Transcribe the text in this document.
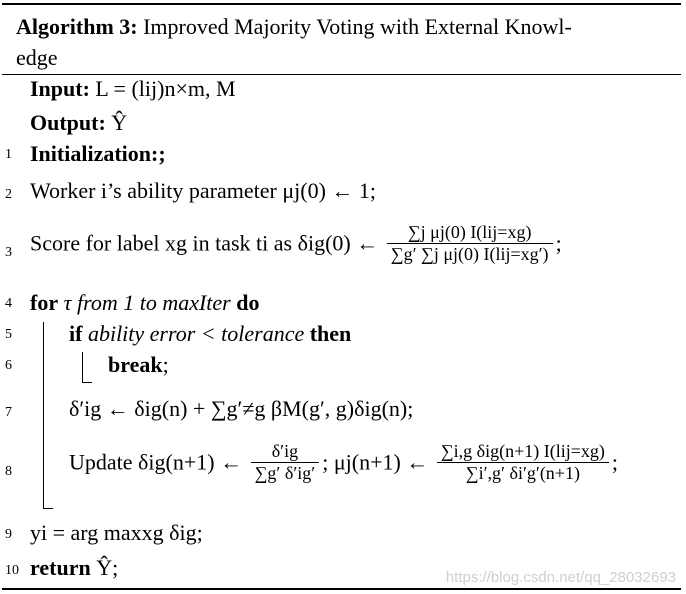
Algorithm 3: Improved Majority Voting with External Knowl-
edge
Input: L = (lij)n×m, M
Output: Ŷ
1 Initialization:;
2 Worker i’s ability parameter μj(0) ← 1;
3 Score for label xg in task ti as δig(0) ← $\frac{\text{∑j μj(0) I(lij=xg)}}{\text{∑g′ ∑j μj(0) I(lij=xg′)}}$ ;
4 for τ from 1 to maxIter do
5	if ability error < tolerance then
6	break;
7	δ′ig ← δig(n) + ∑g′≠g βM(g′, g)δig(n);
8	Update δig(n+1) ← $\frac{\delta'ig}{\sum g' \delta'ig'}$ ; μj(n+1) ← $\frac{\text{∑i,g δig(n+1) I(lij=xg)}}{\sum i',g' \delta i'g'(n+1)}$ ;
9 yi = arg maxxg δig;
10 return Ŷ;	https://blog.csdn.net/qq_28032693
